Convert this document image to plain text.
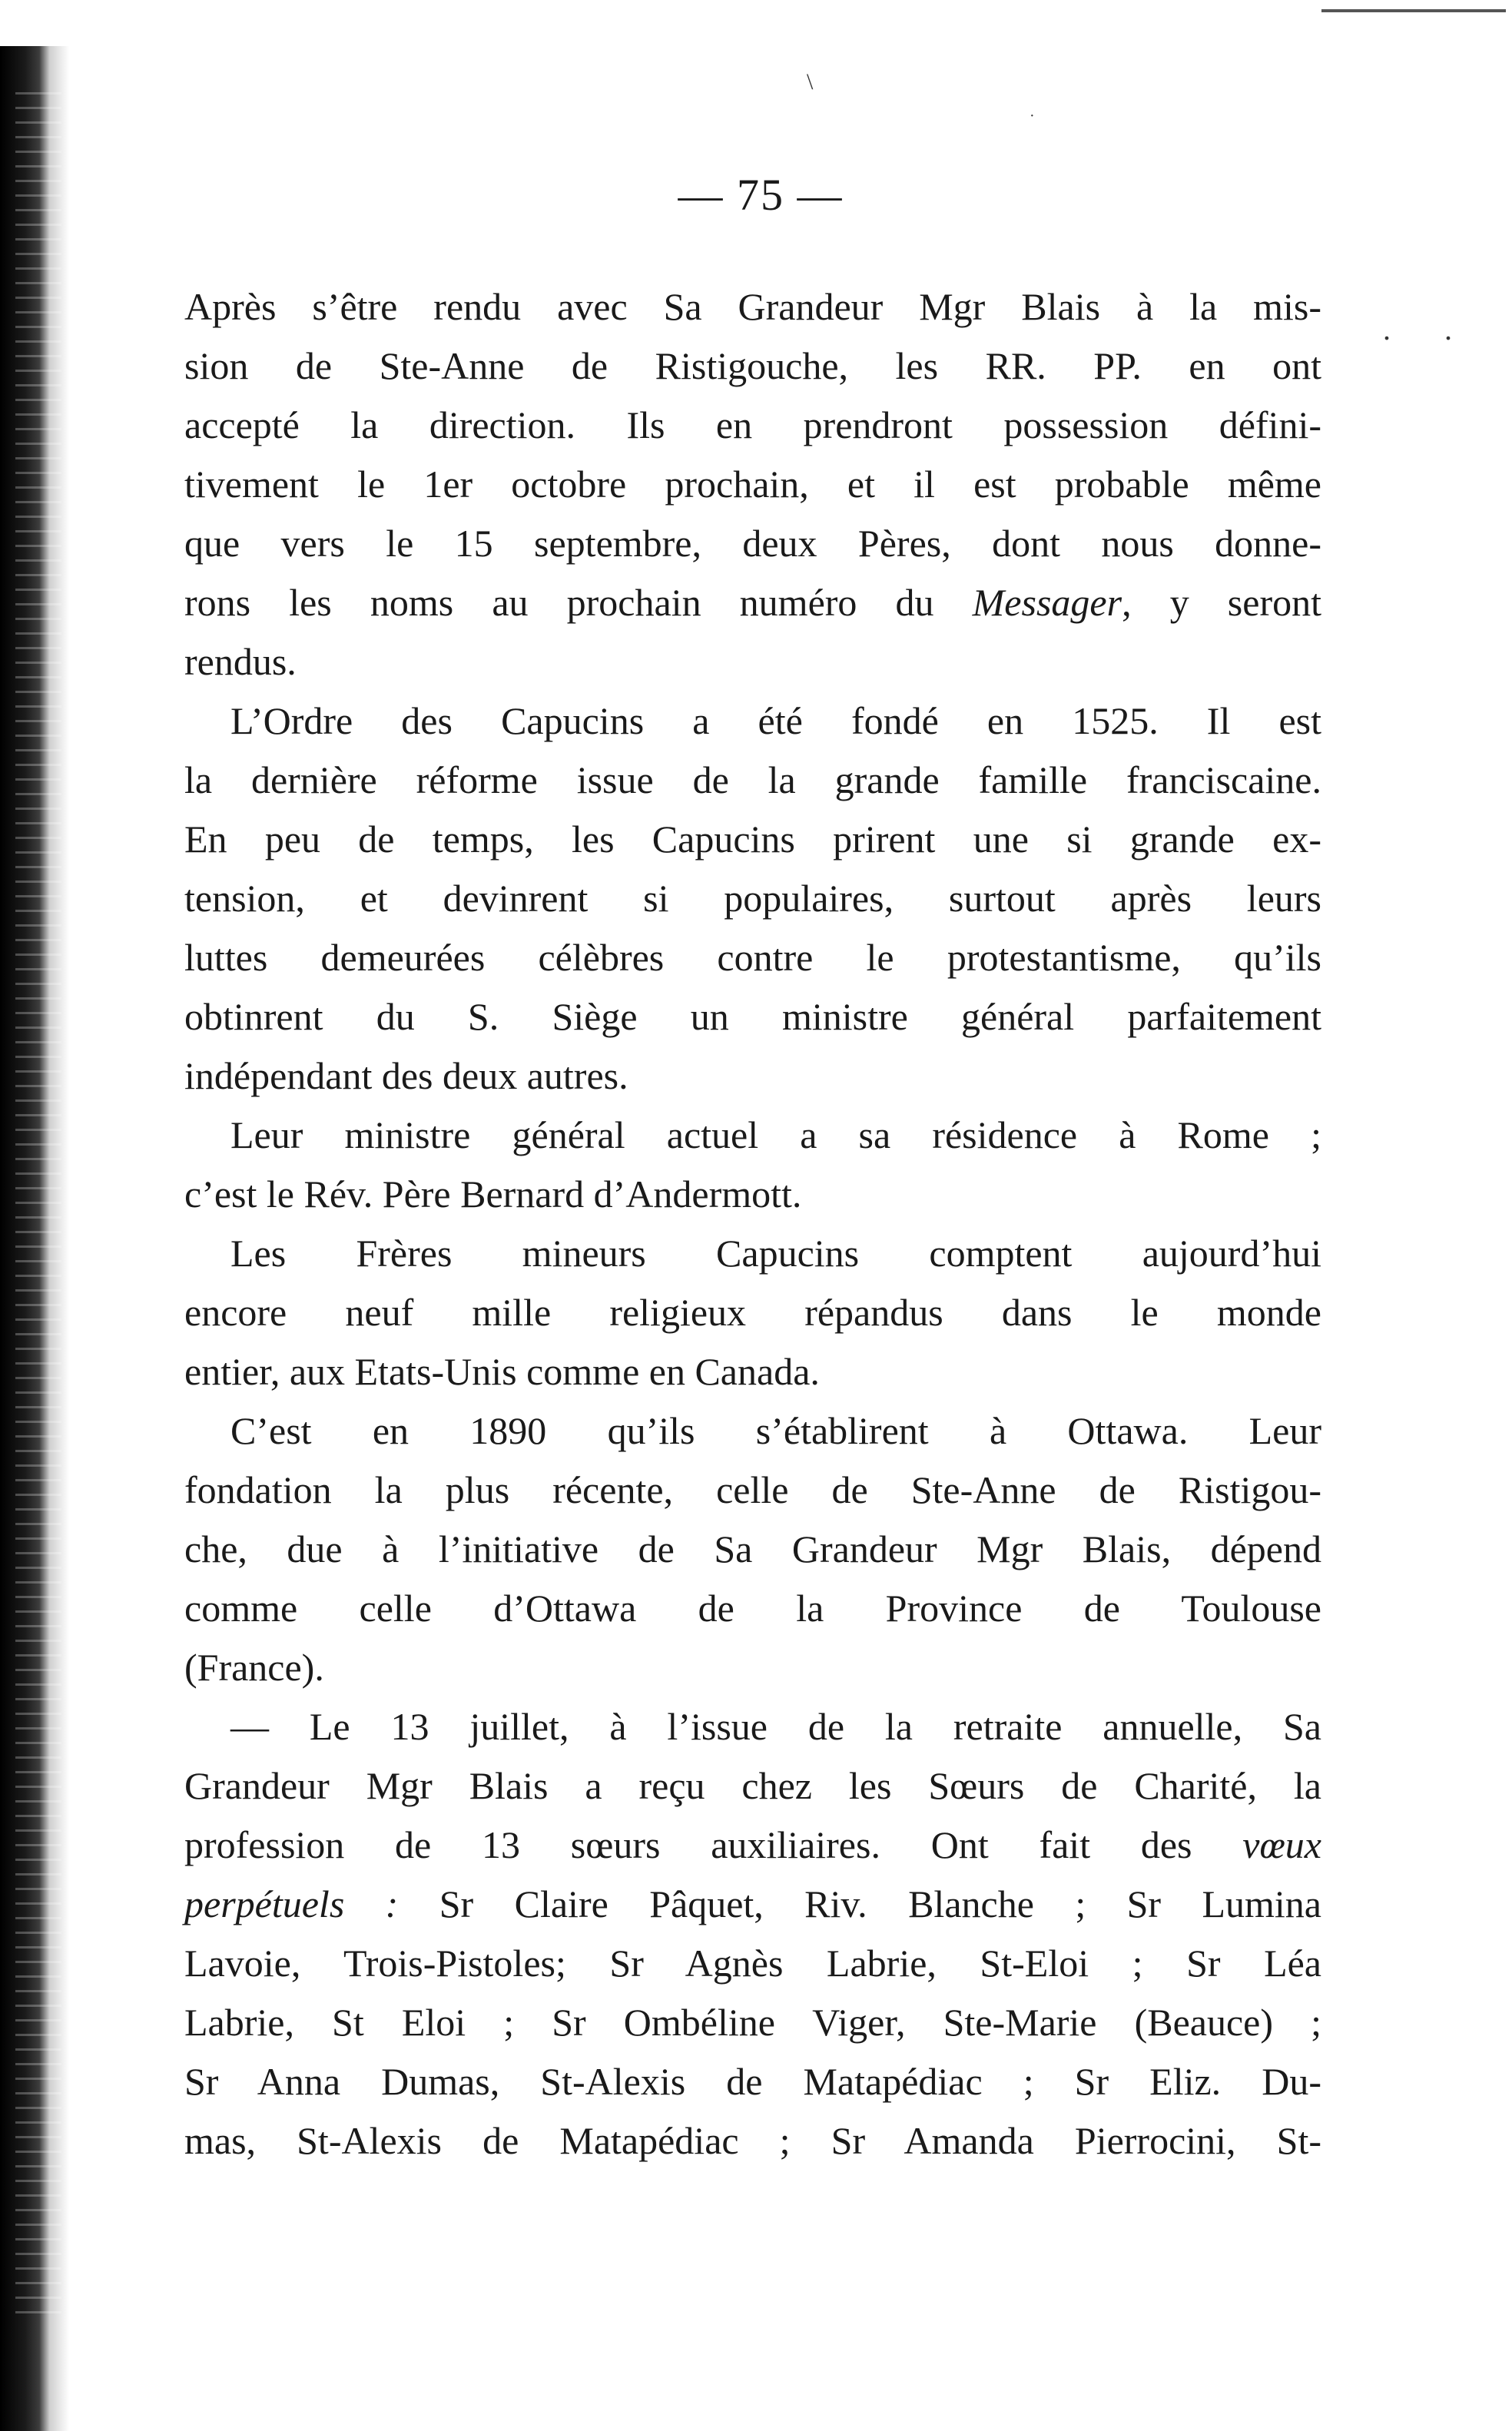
\
·
. .
— 75 —
Après s’être rendu avec Sa Grandeur Mgr Blais à la mis-
sion de Ste-Anne de Ristigouche, les RR. PP. en ont
accepté la direction. Ils en prendront possession défini-
tivement le 1er octobre prochain, et il est probable même
que vers le 15 septembre, deux Pères, dont nous donne-
rons les noms au prochain numéro du Messager, y seront
rendus.
L’Ordre des Capucins a été fondé en 1525. Il est
la dernière réforme issue de la grande famille franciscaine.
En peu de temps, les Capucins prirent une si grande ex-
tension, et devinrent si populaires, surtout après leurs
luttes demeurées célèbres contre le protestantisme, qu’ils
obtinrent du S. Siège un ministre général parfaitement
indépendant des deux autres.
Leur ministre général actuel a sa résidence à Rome ;
c’est le Rév. Père Bernard d’Andermott.
Les Frères mineurs Capucins comptent aujourd’hui
encore neuf mille religieux répandus dans le monde
entier, aux Etats-Unis comme en Canada.
C’est en 1890 qu’ils s’établirent à Ottawa. Leur
fondation la plus récente, celle de Ste-Anne de Ristigou-
che, due à l’initiative de Sa Grandeur Mgr Blais, dépend
comme celle d’Ottawa de la Province de Toulouse
(France).
— Le 13 juillet, à l’issue de la retraite annuelle, Sa
Grandeur Mgr Blais a reçu chez les Sœurs de Charité, la
profession de 13 sœurs auxiliaires. Ont fait des vœux
perpétuels : Sr Claire Pâquet, Riv. Blanche ; Sr Lumina
Lavoie, Trois-Pistoles; Sr Agnès Labrie, St-Eloi ; Sr Léa
Labrie, St Eloi ; Sr Ombéline Viger, Ste-Marie (Beauce) ;
Sr Anna Dumas, St-Alexis de Matapédiac ; Sr Eliz. Du-
mas, St-Alexis de Matapédiac ; Sr Amanda Pierrocini, St-
